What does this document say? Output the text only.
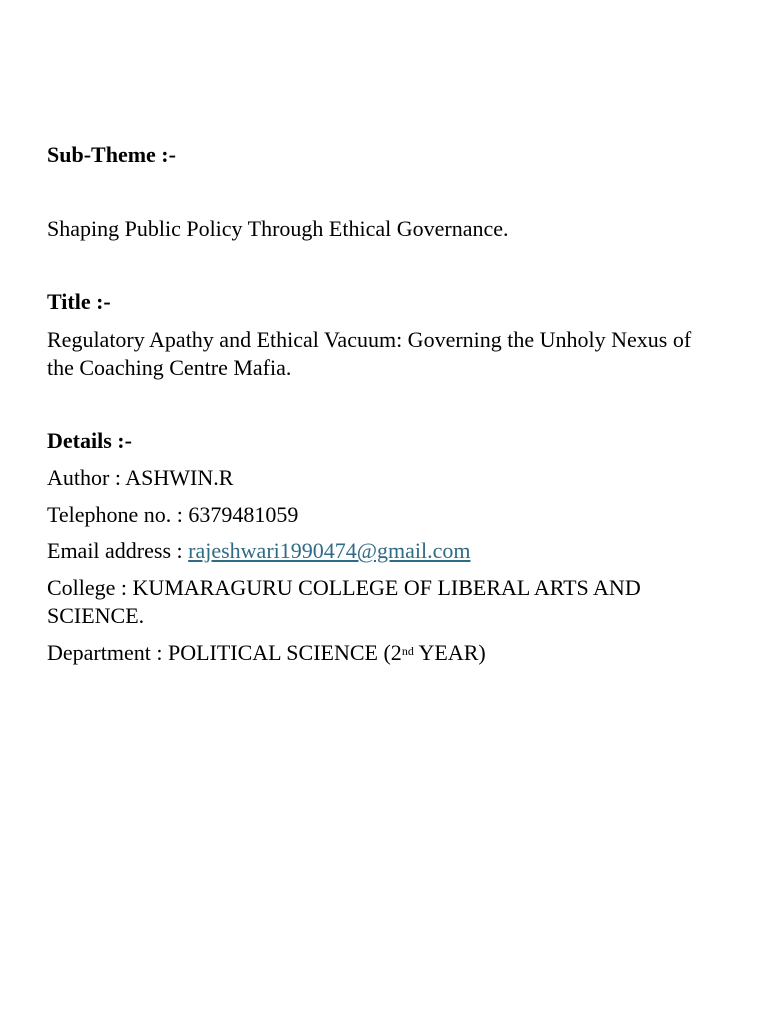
Sub-Theme :-
Shaping Public Policy Through Ethical Governance.
Title :-
Regulatory Apathy and Ethical Vacuum: Governing the Unholy Nexus of the Coaching Centre Mafia.
Details :-
Author : ASHWIN.R
Telephone no. : 6379481059
Email address : rajeshwari1990474@gmail.com
College : KUMARAGURU COLLEGE OF LIBERAL ARTS AND SCIENCE.
Department : POLITICAL SCIENCE (2nd YEAR)
